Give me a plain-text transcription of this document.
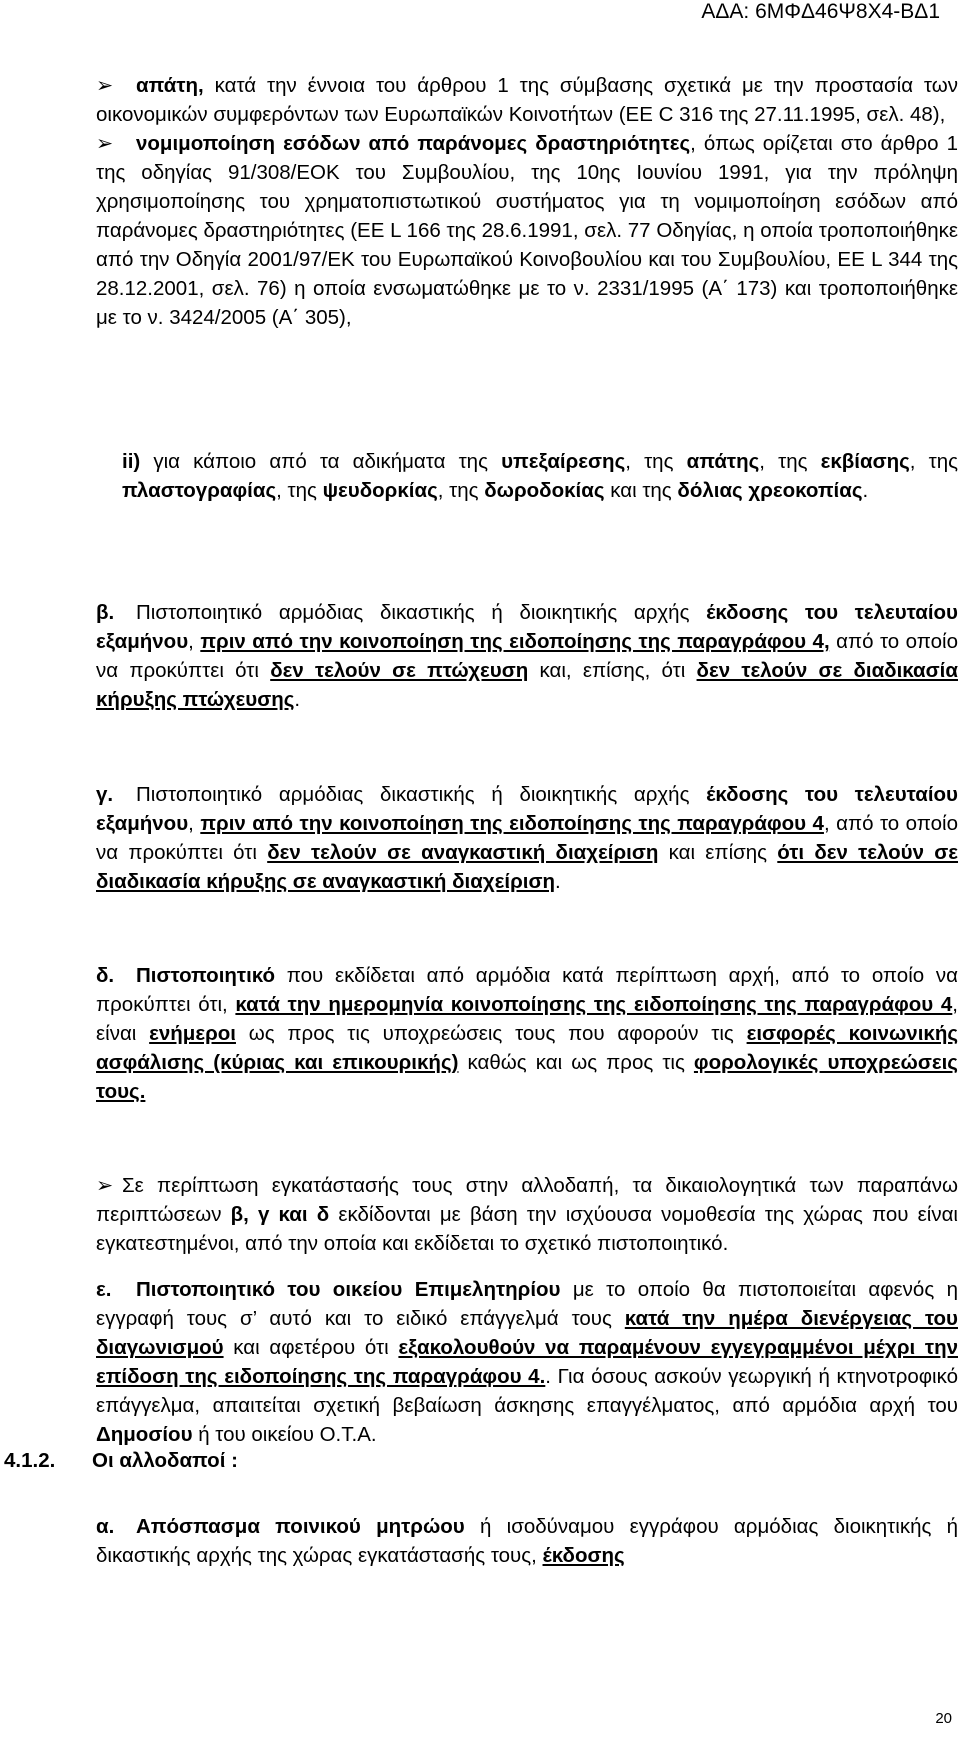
ΑΔΑ: 6ΜΦΔ46Ψ8Χ4-ΒΔ1

➢ απάτη, κατά την έννοια του άρθρου 1 της σύμβασης σχετικά με την προστασία των οικονομικών συμφερόντων των Ευρωπαϊκών Κοινοτήτων (ΕΕ C 316 της 27.11.1995, σελ. 48),

➢ νομιμοποίηση εσόδων από παράνομες δραστηριότητες, όπως ορίζεται στο άρθρο 1 της οδηγίας 91/308/ΕΟΚ του Συμβουλίου, της 10ης Ιουνίου 1991, για την πρόληψη χρησιμοποίησης του χρηματοπιστωτικού συστήματος για τη νομιμοποίηση εσόδων από παράνομες δραστηριότητες (ΕΕ L 166 της 28.6.1991, σελ. 77 Οδηγίας, η οποία τροποποιήθηκε από την Οδηγία 2001/97/ΕΚ του Ευρωπαϊκού Κοινοβουλίου και του Συμβουλίου, ΕΕ L 344 της 28.12.2001, σελ. 76) η οποία ενσωματώθηκε με το ν. 2331/1995 (Α΄ 173) και τροποποιήθηκε με το ν. 3424/2005 (Α΄ 305),

ii) για κάποιο από τα αδικήματα της υπεξαίρεσης, της απάτης, της εκβίασης, της πλαστογραφίας, της ψευδορκίας, της δωροδοκίας και της δόλιας χρεοκοπίας.

β. Πιστοποιητικό αρμόδιας δικαστικής ή διοικητικής αρχής έκδοσης του τελευταίου εξαμήνου, πριν από την κοινοποίηση της ειδοποίησης της παραγράφου 4, από το οποίο να προκύπτει ότι δεν τελούν σε πτώχευση και, επίσης, ότι δεν τελούν σε διαδικασία κήρυξης πτώχευσης.

γ. Πιστοποιητικό αρμόδιας δικαστικής ή διοικητικής αρχής έκδοσης του τελευταίου εξαμήνου, πριν από την κοινοποίηση της ειδοποίησης της παραγράφου 4, από το οποίο να προκύπτει ότι δεν τελούν σε αναγκαστική διαχείριση και επίσης ότι δεν τελούν σε διαδικασία κήρυξης σε αναγκαστική διαχείριση.

δ. Πιστοποιητικό που εκδίδεται από αρμόδια κατά περίπτωση αρχή, από το οποίο να προκύπτει ότι, κατά την ημερομηνία κοινοποίησης της ειδοποίησης της παραγράφου 4, είναι ενήμεροι ως προς τις υποχρεώσεις τους που αφορούν τις εισφορές κοινωνικής ασφάλισης (κύριας και επικουρικής) καθώς και ως προς τις φορολογικές υποχρεώσεις τους.

➢ Σε περίπτωση εγκατάστασής τους στην αλλοδαπή, τα δικαιολογητικά των παραπάνω περιπτώσεων β, γ και δ εκδίδονται με βάση την ισχύουσα νομοθεσία της χώρας που είναι εγκατεστημένοι, από την οποία και εκδίδεται το σχετικό πιστοποιητικό.

ε. Πιστοποιητικό του οικείου Επιμελητηρίου με το οποίο θα πιστοποιείται αφενός η εγγραφή τους σ’ αυτό και το ειδικό επάγγελμά τους κατά την ημέρα διενέργειας του διαγωνισμού και αφετέρου ότι εξακολουθούν να παραμένουν εγγεγραμμένοι μέχρι την επίδοση της ειδοποίησης της παραγράφου 4.. Για όσους ασκούν γεωργική ή κτηνοτροφικό επάγγελμα, απαιτείται σχετική βεβαίωση άσκησης επαγγέλματος, από αρμόδια αρχή του Δημοσίου ή του οικείου Ο.Τ.Α.

4.1.2. Οι αλλοδαποί :

α. Απόσπασμα ποινικού μητρώου ή ισοδύναμου εγγράφου αρμόδιας διοικητικής ή δικαστικής αρχής της χώρας εγκατάστασής τους, έκδοσης

20
